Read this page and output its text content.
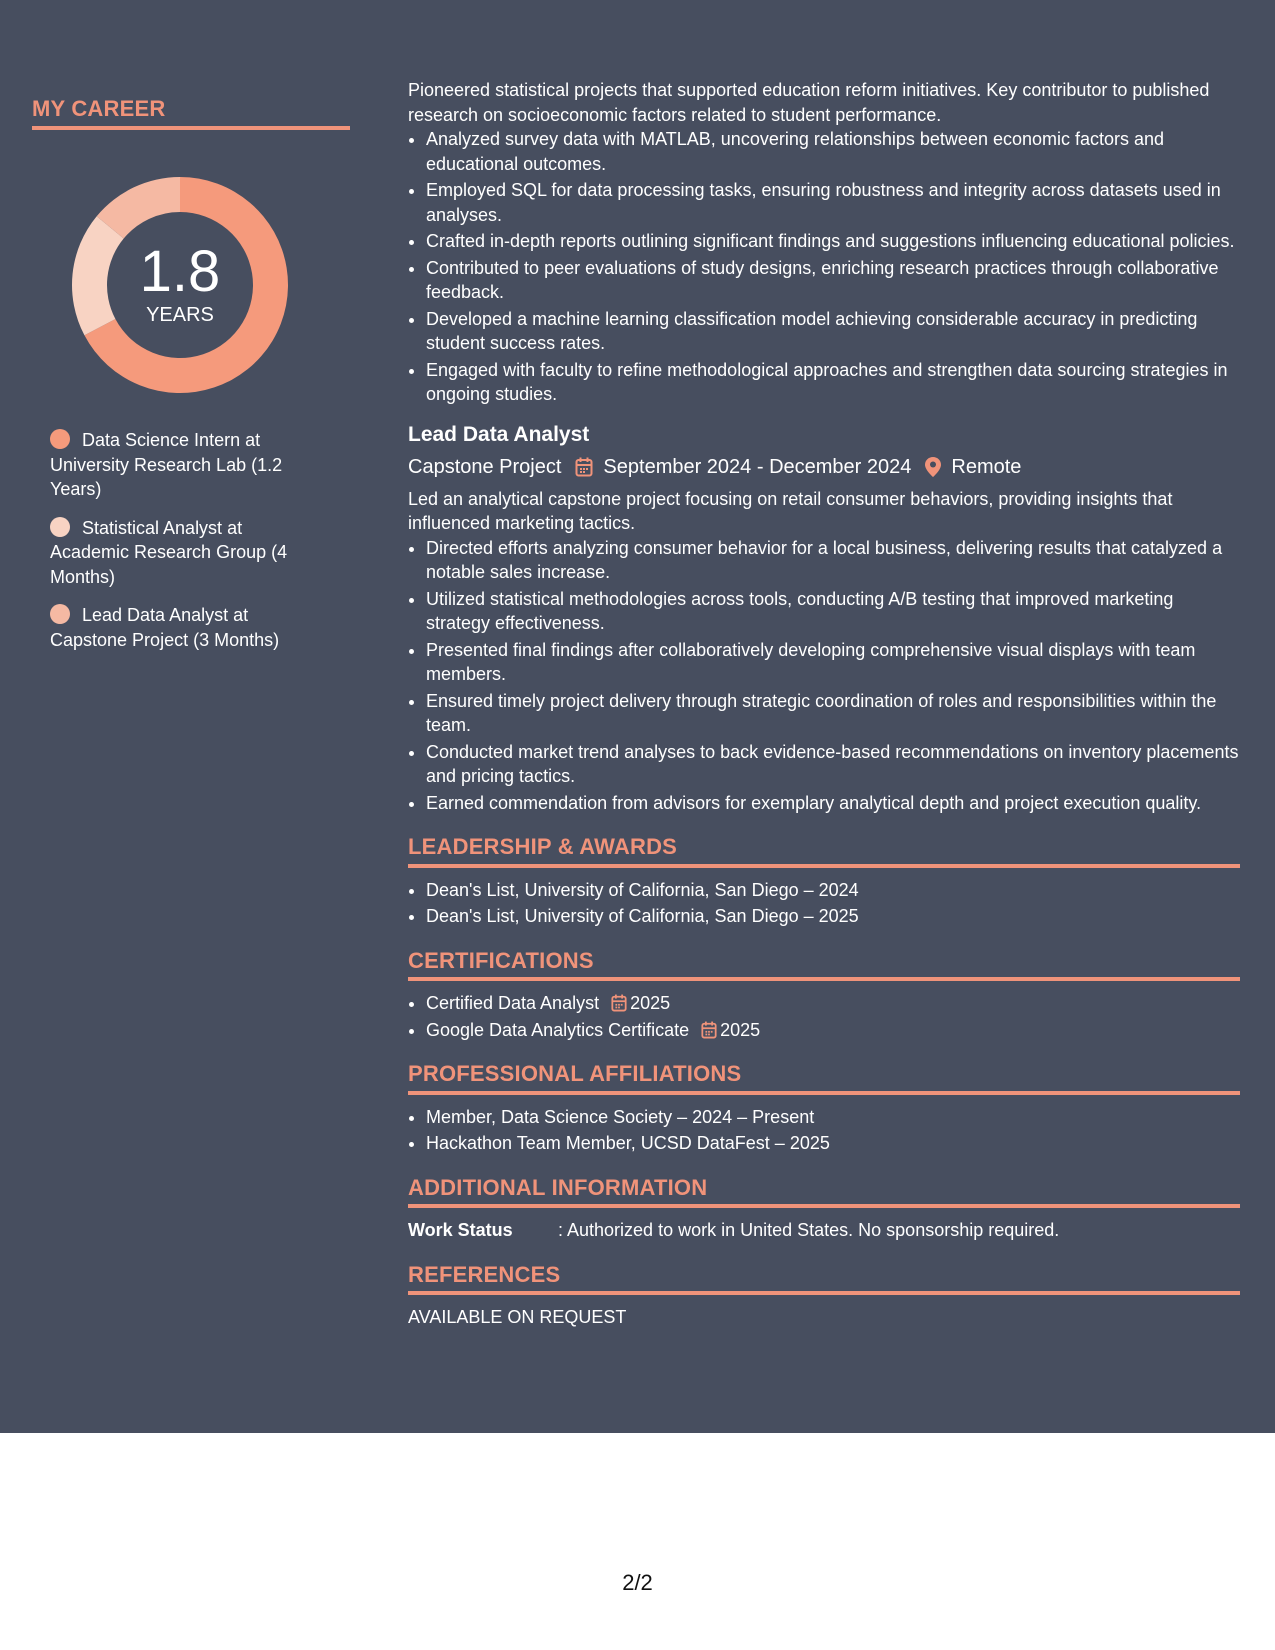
MY CAREER
1.8
YEARS
Data Science Intern at University Research Lab (1.2 Years)
Statistical Analyst at Academic Research Group (4 Months)
Lead Data Analyst at Capstone Project (3 Months)

Pioneered statistical projects that supported education reform initiatives. Key contributor to published research on socioeconomic factors related to student performance.

• Analyzed survey data with MATLAB, uncovering relationships between economic factors and educational outcomes.
• Employed SQL for data processing tasks, ensuring robustness and integrity across datasets used in analyses.
• Crafted in-depth reports outlining significant findings and suggestions influencing educational policies.
• Contributed to peer evaluations of study designs, enriching research practices through collaborative feedback.
• Developed a machine learning classification model achieving considerable accuracy in predicting student success rates.
• Engaged with faculty to refine methodological approaches and strengthen data sourcing strategies in ongoing studies.
Lead Data Analyst
Capstone Project September 2024 - December 2024 Remote

Led an analytical capstone project focusing on retail consumer behaviors, providing insights that influenced marketing tactics.

• Directed efforts analyzing consumer behavior for a local business, delivering results that catalyzed a notable sales increase.
• Utilized statistical methodologies across tools, conducting A/B testing that improved marketing strategy effectiveness.
• Presented final findings after collaboratively developing comprehensive visual displays with team members.
• Ensured timely project delivery through strategic coordination of roles and responsibilities within the team.
• Conducted market trend analyses to back evidence-based recommendations on inventory placements and pricing tactics.
• Earned commendation from advisors for exemplary analytical depth and project execution quality.
LEADERSHIP & AWARDS
• Dean's List, University of California, San Diego – 2024
• Dean's List, University of California, San Diego – 2025
CERTIFICATIONS
• Certified Data Analyst 2025
• Google Data Analytics Certificate 2025
PROFESSIONAL AFFILIATIONS
• Member, Data Science Society – 2024 – Present
• Hackathon Team Member, UCSD DataFest – 2025
ADDITIONAL INFORMATION
Work Status	: Authorized to work in United States. No sponsorship required.
REFERENCES
AVAILABLE ON REQUEST
2/2
